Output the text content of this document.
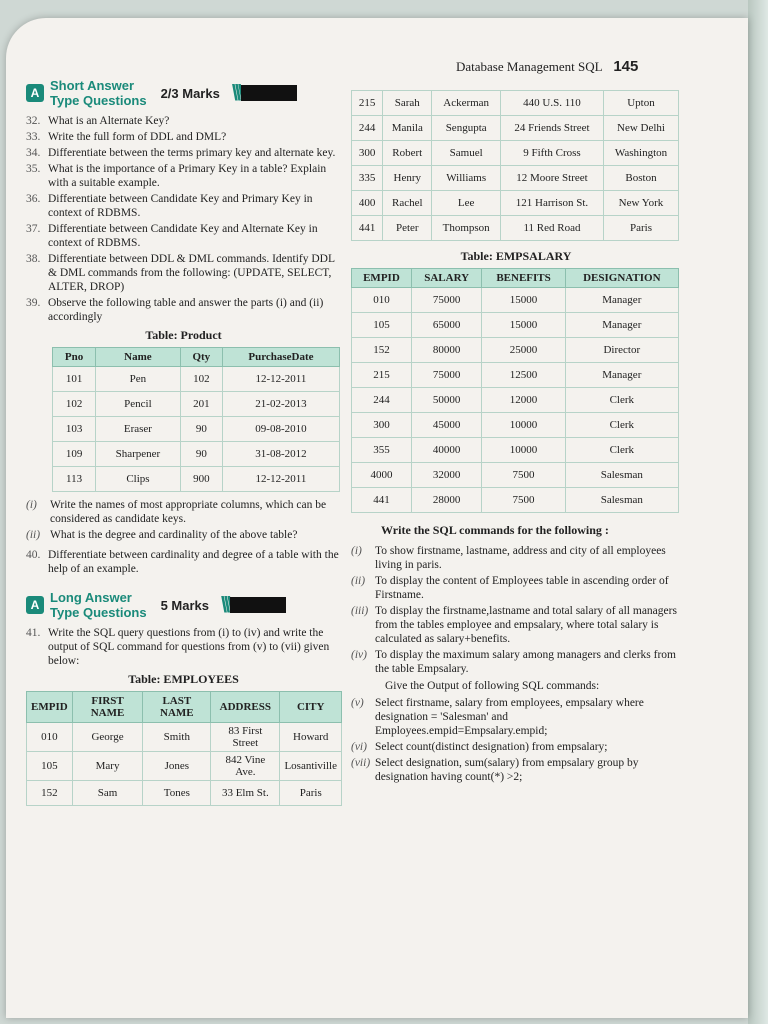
Database Management SQL 145
A Short Answer
Type Questions 2/3 Marks \\\
32. What is an Alternate Key?
33. Write the full form of DDL and DML?
34. Differentiate between the terms primary key and alternate key.
35. What is the importance of a Primary Key in a table? Explain with a suitable example.
36. Differentiate between Candidate Key and Primary Key in context of RDBMS.
37. Differentiate between Candidate Key and Alternate Key in context of RDBMS.
38. Differentiate between DDL & DML commands. Identify DDL & DML commands from the following: (UPDATE, SELECT, ALTER, DROP)
39. Observe the following table and answer the parts (i) and (ii) accordingly
Table: Product
Pno	Name	Qty	PurchaseDate
101	Pen	102	12-12-2011
102	Pencil	201	21-02-2013
103	Eraser	90	09-08-2010
109	Sharpener	90	31-08-2012
113	Clips	900	12-12-2011
(i)	Write the names of most appropriate columns, which can be considered as candidate keys.
(ii) What is the degree and cardinality of the above table?
40. Differentiate between cardinality and degree of a table with the help of an example.
A Long Answer
Type Questions 5 Marks \\\
41. Write the SQL query questions from (i) to (iv) and write the output of SQL command for questions from (v) to (vii) given below:
Table: EMPLOYEES
EMPID	FIRST NAME	LAST NAME	ADDRESS	CITY
010	George	Smith	83 First Street	Howard
105	Mary	Jones	842 Vine Ave.	Losantiville
152	Sam	Tones	33 Elm St.	Paris
215	Sarah	Ackerman	440 U.S. 110	Upton
244	Manila	Sengupta	24 Friends Street	New Delhi
300	Robert	Samuel	9 Fifth Cross	Washington
335	Henry	Williams	12 Moore Street	Boston
400	Rachel	Lee	121 Harrison St.	New York
441	Peter	Thompson	11 Red Road	Paris
Table: EMPSALARY
EMPID	SALARY	BENEFITS	DESIGNATION
010	75000	15000	Manager
105	65000	15000	Manager
152	80000	25000	Director
215	75000	12500	Manager
244	50000	12000	Clerk
300	45000	10000	Clerk
355	40000	10000	Clerk
4000	32000	7500	Salesman
441	28000	7500	Salesman
Write the SQL commands for the following :
(i)	To show firstname, lastname, address and city of all employees living in paris.
(ii) To display the content of Employees table in ascending order of Firstname.
(iii) To display the firstname,lastname and total salary of all managers from the tables employee and empsalary, where total salary is calculated as salary+benefits.
(iv) To display the maximum salary among managers and clerks from the table Empsalary.
Give the Output of following SQL commands:
(v) Select firstname, salary from employees, empsalary where designation = 'Salesman' and Employees.empid=Empsalary.empid;
(vi) Select count(distinct designation) from empsalary;
(vii) Select designation, sum(salary) from empsalary group by designation having count(*) >2;
